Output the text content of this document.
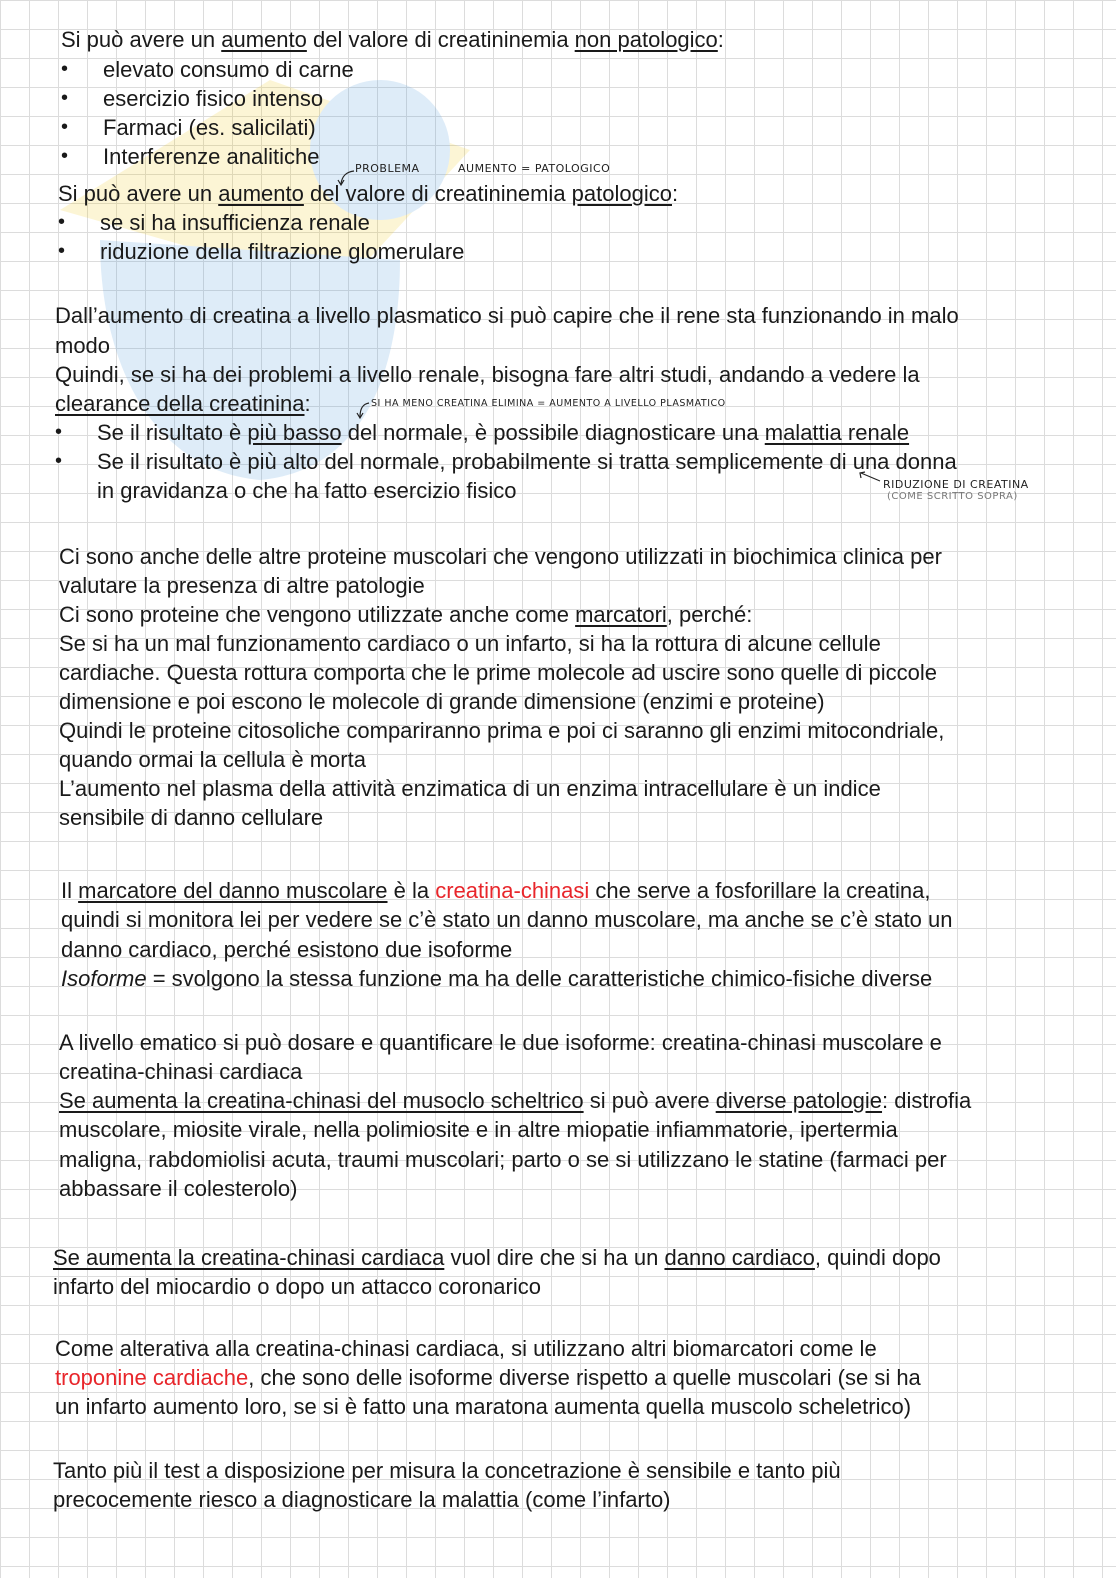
Si può avere un aumento del valore di creatininemia non patologico:
• elevato consumo di carne
• esercizio fisico intenso
• Farmaci (es. salicilati)
• Interferenze analitiche	PROBLEMA	AUMENTO = PATOLOGICO
Si può avere un aumento del valore di creatininemia patologico:
• se si ha insufficienza renale
• riduzione della filtrazione glomerulare
Dall’aumento di creatina a livello plasmatico si può capire che il rene sta funzionando in malo
modo
Quindi, se si ha dei problemi a livello renale, bisogna fare altri studi, andando a vedere la
clearance della creatinina:	SI HA MENO CREATINA ELIMINA = AUMENTO A LIVELLO PLASMATICO
• Se il risultato è più basso del normale, è possibile diagnosticare una malattia renale
• Se il risultato è più alto del normale, probabilmente si tratta semplicemente di una donna
in gravidanza o che ha fatto esercizio fisico	RIDUZIONE DI CREATINA
(COME SCRITTO SOPRA)
Ci sono anche delle altre proteine muscolari che vengono utilizzati in biochimica clinica per
valutare la presenza di altre patologie
Ci sono proteine che vengono utilizzate anche come marcatori, perché:
Se si ha un mal funzionamento cardiaco o un infarto, si ha la rottura di alcune cellule
cardiache. Questa rottura comporta che le prime molecole ad uscire sono quelle di piccole
dimensione e poi escono le molecole di grande dimensione (enzimi e proteine)
Quindi le proteine citosoliche compariranno prima e poi ci saranno gli enzimi mitocondriale,
quando ormai la cellula è morta
L’aumento nel plasma della attività enzimatica di un enzima intracellulare è un indice
sensibile di danno cellulare
Il marcatore del danno muscolare è la creatina-chinasi che serve a fosforillare la creatina,
quindi si monitora lei per vedere se c’è stato un danno muscolare, ma anche se c’è stato un
danno cardiaco, perché esistono due isoforme
Isoforme = svolgono la stessa funzione ma ha delle caratteristiche chimico-fisiche diverse
A livello ematico si può dosare e quantificare le due isoforme: creatina-chinasi muscolare e
creatina-chinasi cardiaca
Se aumenta la creatina-chinasi del musoclo scheltrico si può avere diverse patologie: distrofia
muscolare, miosite virale, nella polimiosite e in altre miopatie infiammatorie, ipertermia
maligna, rabdomiolisi acuta, traumi muscolari; parto o se si utilizzano le statine (farmaci per
abbassare il colesterolo)
Se aumenta la creatina-chinasi cardiaca vuol dire che si ha un danno cardiaco, quindi dopo
infarto del miocardio o dopo un attacco coronarico
Come alterativa alla creatina-chinasi cardiaca, si utilizzano altri biomarcatori come le
troponine cardiache, che sono delle isoforme diverse rispetto a quelle muscolari (se si ha
un infarto aumento loro, se si è fatto una maratona aumenta quella muscolo scheletrico)
Tanto più il test a disposizione per misura la concetrazione è sensibile e tanto più
precocemente riesco a diagnosticare la malattia (come l’infarto)
